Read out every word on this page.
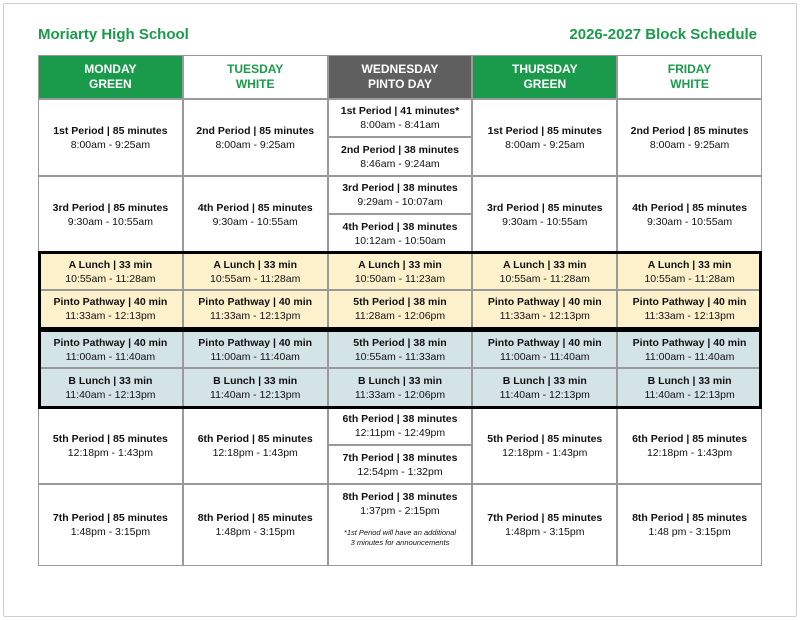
Moriarty High School	2026-2027 Block Schedule
MONDAY
GREEN
1st Period | 85 minutes
8:00am - 9:25am
3rd Period | 85 minutes
9:30am - 10:55am
A Lunch | 33 min
10:55am - 11:28am
Pinto Pathway | 40 min
11:33am - 12:13pm
Pinto Pathway | 40 min
11:00am - 11:40am
B Lunch | 33 min
11:40am - 12:13pm
5th Period | 85 minutes
12:18pm - 1:43pm
7th Period | 85 minutes
1:48pm - 3:15pm
TUESDAY
WHITE
2nd Period | 85 minutes
8:00am - 9:25am
4th Period | 85 minutes
9:30am - 10:55am
A Lunch | 33 min
10:55am - 11:28am
Pinto Pathway | 40 min
11:33am - 12:13pm
Pinto Pathway | 40 min
11:00am - 11:40am
B Lunch | 33 min
11:40am - 12:13pm
6th Period | 85 minutes
12:18pm - 1:43pm
8th Period | 85 minutes
1:48pm - 3:15pm
WEDNESDAY
PINTO DAY
1st Period | 41 minutes*
8:00am - 8:41am
2nd Period | 38 minutes
8:46am - 9:24am
3rd Period | 38 minutes
9:29am - 10:07am
4th Period | 38 minutes
10:12am - 10:50am
A Lunch | 33 min
10:50am - 11:23am
5th Period | 38 min
11:28am - 12:06pm
5th Period | 38 min
10:55am - 11:33am
B Lunch | 33 min
11:33am - 12:06pm
6th Period | 38 minutes
12:11pm - 12:49pm
7th Period | 38 minutes
12:54pm - 1:32pm
8th Period | 38 minutes
1:37pm - 2:15pm
*1st Period will have an additional
3 minutes for announcements
THURSDAY
GREEN
1st Period | 85 minutes
8:00am - 9:25am
3rd Period | 85 minutes
9:30am - 10:55am
A Lunch | 33 min
10:55am - 11:28am
Pinto Pathway | 40 min
11:33am - 12:13pm
Pinto Pathway | 40 min
11:00am - 11:40am
B Lunch | 33 min
11:40am - 12:13pm
5th Period | 85 minutes
12:18pm - 1:43pm
7th Period | 85 minutes
1:48pm - 3:15pm
FRIDAY
WHITE
2nd Period | 85 minutes
8:00am - 9:25am
4th Period | 85 minutes
9:30am - 10:55am
A Lunch | 33 min
10:55am - 11:28am
Pinto Pathway | 40 min
11:33am - 12:13pm
Pinto Pathway | 40 min
11:00am - 11:40am
B Lunch | 33 min
11:40am - 12:13pm
6th Period | 85 minutes
12:18pm - 1:43pm
8th Period | 85 minutes
1:48 pm - 3:15pm
